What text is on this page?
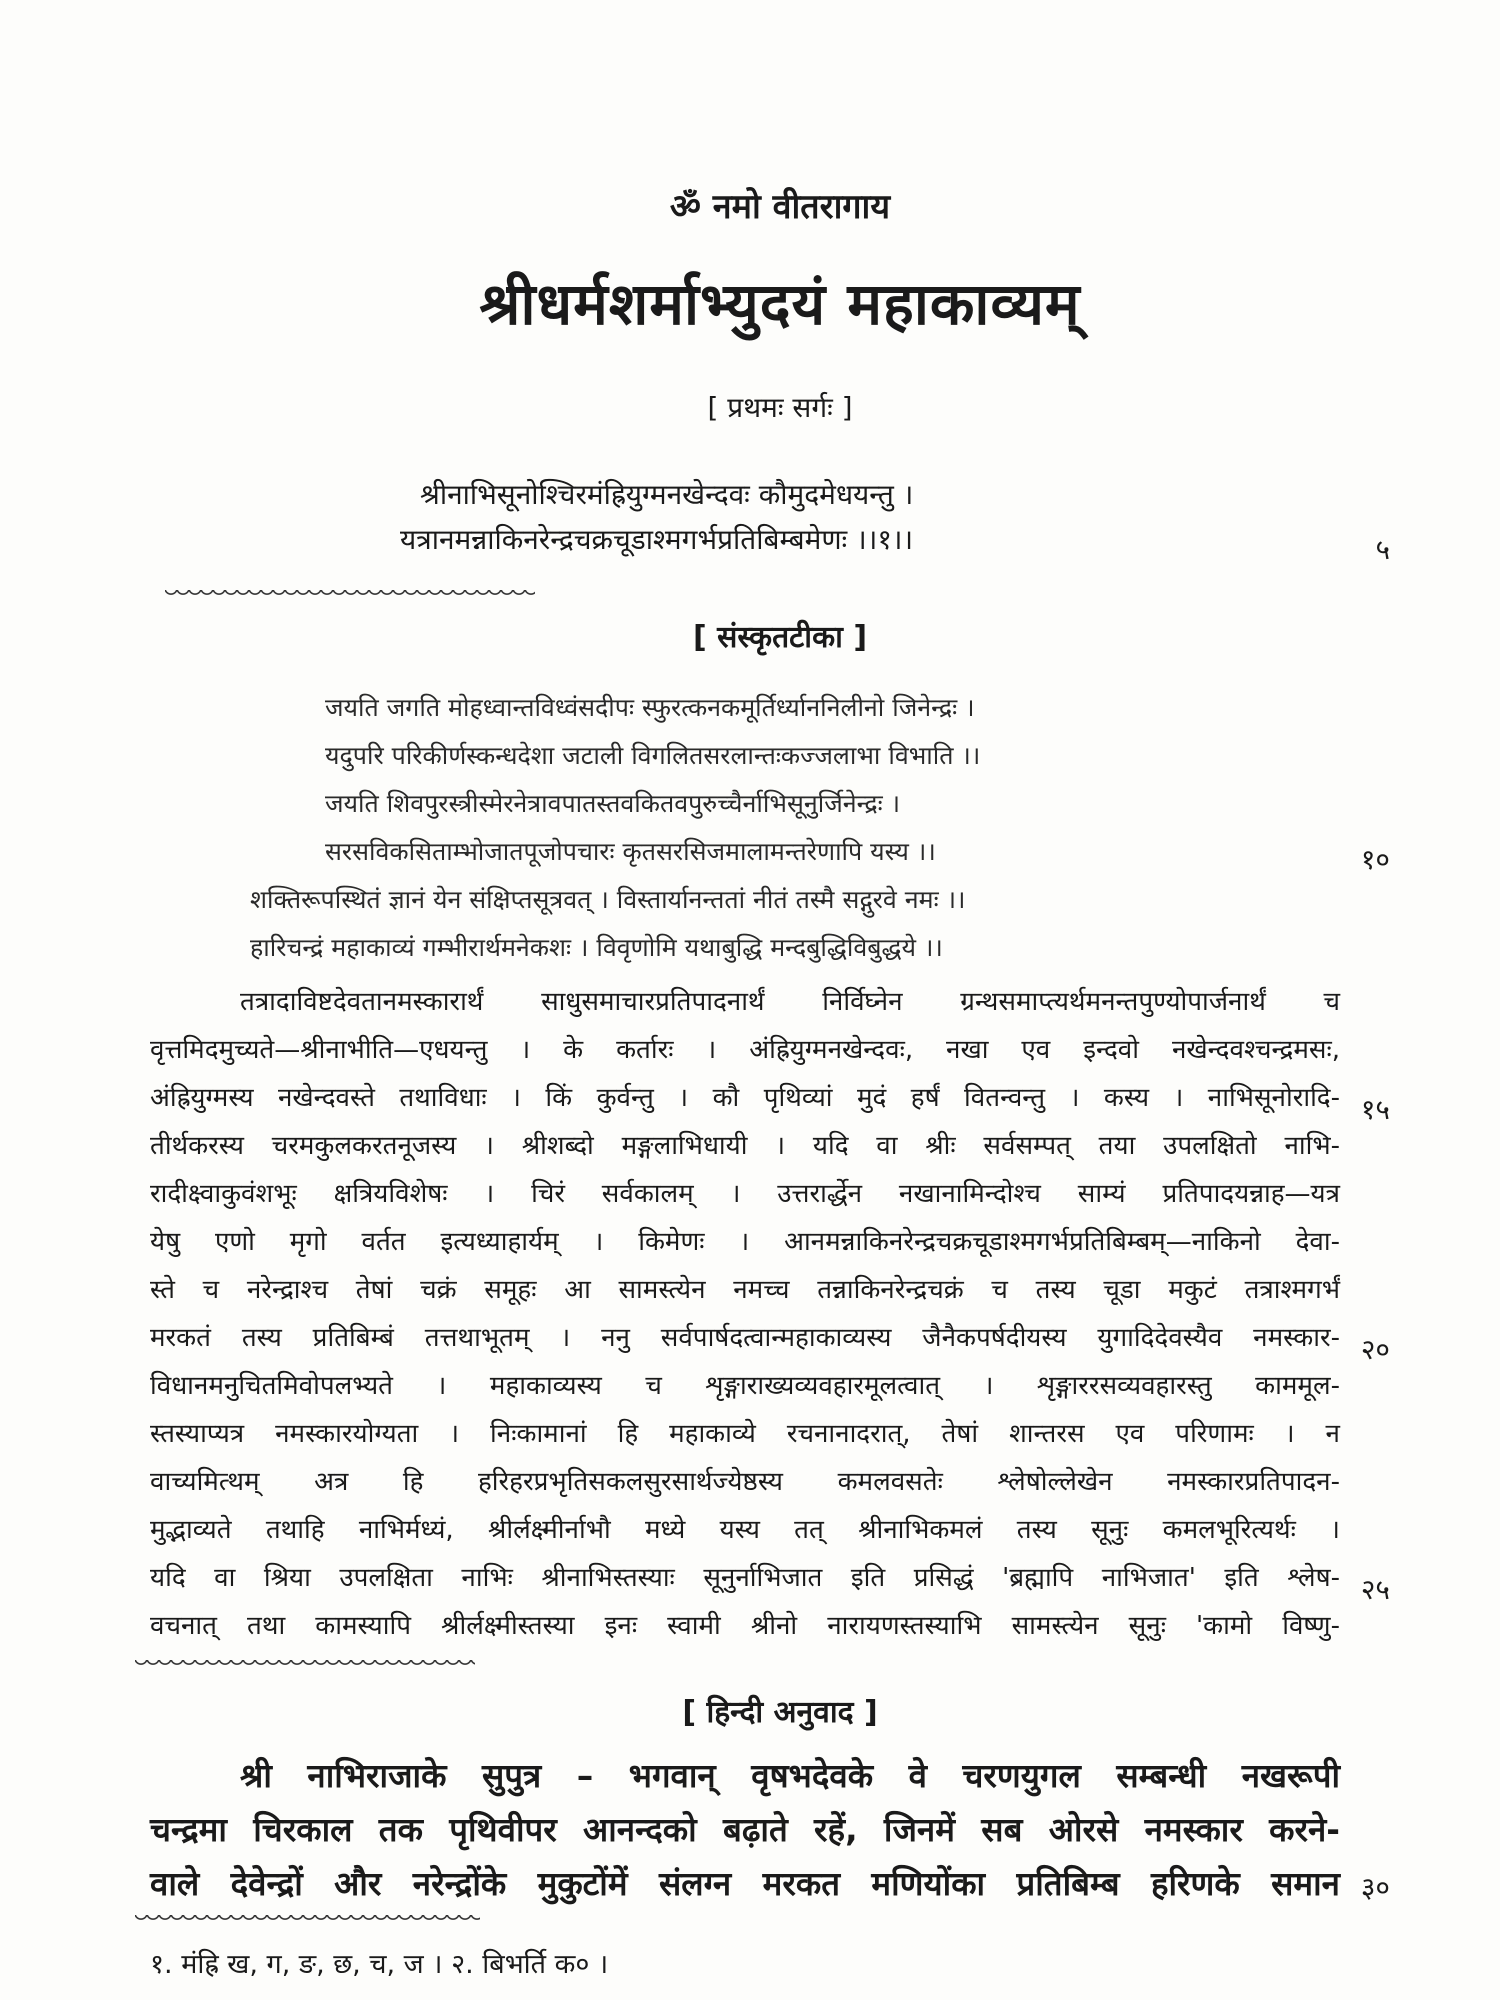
ॐ नमो वीतरागाय
श्रीधर्मशर्माभ्युदयं महाकाव्यम्
[ प्रथमः सर्गः ]
श्रीनाभिसूनोश्चिरमंह्रियुग्मनखेन्दवः कौमुदमेधयन्तु ।
यत्रानमन्नाकिनरेन्द्रचक्रचूडाश्मगर्भप्रतिबिम्बमेणः ।।१।।	५
[ संस्कृतटीका ]
जयति जगति मोहध्वान्तविध्वंसदीपः स्फुरत्कनकमूर्तिर्ध्याननिलीनो जिनेन्द्रः ।
यदुपरि परिकीर्णस्कन्धदेशा जटाली विगलितसरलान्तःकज्जलाभा विभाति ।।
जयति शिवपुरस्त्रीस्मेरनेत्रावपातस्तवकितवपुरुच्चैर्नाभिसूनुर्जिनेन्द्रः ।
सरसविकसिताम्भोजातपूजोपचारः कृतसरसिजमालामन्तरेणापि यस्य ।।	१०
शक्तिरूपस्थितं ज्ञानं येन संक्षिप्तसूत्रवत् । विस्तार्यानन्ततां नीतं तस्मै सद्गुरवे नमः ।।
हारिचन्द्रं महाकाव्यं गम्भीरार्थमनेकशः । विवृणोमि यथाबुद्धि मन्दबुद्धिविबुद्धये ।।
तत्रादाविष्टदेवतानमस्कारार्थं साधुसमाचारप्रतिपादनार्थं निर्विघ्नेन ग्रन्थसमाप्त्यर्थमनन्तपुण्योपार्जनार्थं च
वृत्तमिदमुच्यते—श्रीनाभीति—एधयन्तु । के कर्तारः । अंह्रियुग्मनखेन्दवः, नखा एव इन्दवो नखेन्दवश्चन्द्रमसः,
अंह्रियुग्मस्य नखेन्दवस्ते तथाविधाः । किं कुर्वन्तु । कौ पृथिव्यां मुदं हर्षं वितन्वन्तु । कस्य । नाभिसूनोरादि- १५
तीर्थकरस्य चरमकुलकरतनूजस्य । श्रीशब्दो मङ्गलाभिधायी । यदि वा श्रीः सर्वसम्पत् तया उपलक्षितो नाभि-
रादीक्ष्वाकुवंशभूः क्षत्रियविशेषः । चिरं सर्वकालम् । उत्तरार्द्धेन नखानामिन्दोश्च साम्यं प्रतिपादयन्नाह—यत्र
येषु एणो मृगो वर्तत इत्यध्याहार्यम् । किमेणः । आनमन्नाकिनरेन्द्रचक्रचूडाश्मगर्भप्रतिबिम्बम्—नाकिनो देवा-
स्ते च नरेन्द्राश्च तेषां चक्रं समूहः आ सामस्त्येन नमच्च तन्नाकिनरेन्द्रचक्रं च तस्य चूडा मकुटं तत्राश्मगर्भं
मरकतं तस्य प्रतिबिम्बं तत्तथाभूतम् । ननु सर्वपार्षदत्वान्महाकाव्यस्य जैनैकपर्षदीयस्य युगादिदेवस्यैव नमस्कार- २०
विधानमनुचितमिवोपलभ्यते । महाकाव्यस्य च शृङ्गाराख्यव्यवहारमूलत्वात् । शृङ्गाररसव्यवहारस्तु काममूल-
स्तस्याप्यत्र नमस्कारयोग्यता । निःकामानां हि महाकाव्ये रचनानादरात्, तेषां शान्तरस एव परिणामः । न
वाच्यमित्थम् अत्र हि हरिहरप्रभृतिसकलसुरसार्थज्येष्ठस्य कमलवसतेः श्लेषोल्लेखेन नमस्कारप्रतिपादन-
मुद्भाव्यते तथाहि नाभिर्मध्यं, श्रीर्लक्ष्मीर्नाभौ मध्ये यस्य तत् श्रीनाभिकमलं तस्य सूनुः कमलभूरित्यर्थः ।
यदि वा श्रिया उपलक्षिता नाभिः श्रीनाभिस्तस्याः सूनुर्नाभिजात इति प्रसिद्धं 'ब्रह्मापि नाभिजात' इति श्लेष- २५
वचनात् तथा कामस्यापि श्रीर्लक्ष्मीस्तस्या इनः स्वामी श्रीनो नारायणस्तस्याभि सामस्त्येन सूनुः 'कामो विष्णु-
[ हिन्दी अनुवाद ]
श्री नाभिराजाके सुपुत्र – भगवान् वृषभदेवके वे चरणयुगल सम्बन्धी नखरूपी
चन्द्रमा चिरकाल तक पृथिवीपर आनन्दको बढ़ाते रहें, जिनमें सब ओरसे नमस्कार करने-
वाले देवेन्द्रों और नरेन्द्रोंके मुकुटोंमें संलग्न मरकत मणियोंका प्रतिबिम्ब हरिणके समान ३०
१. मंह्रि ख, ग, ङ, छ, च, ज । २. बिभर्ति क० ।
